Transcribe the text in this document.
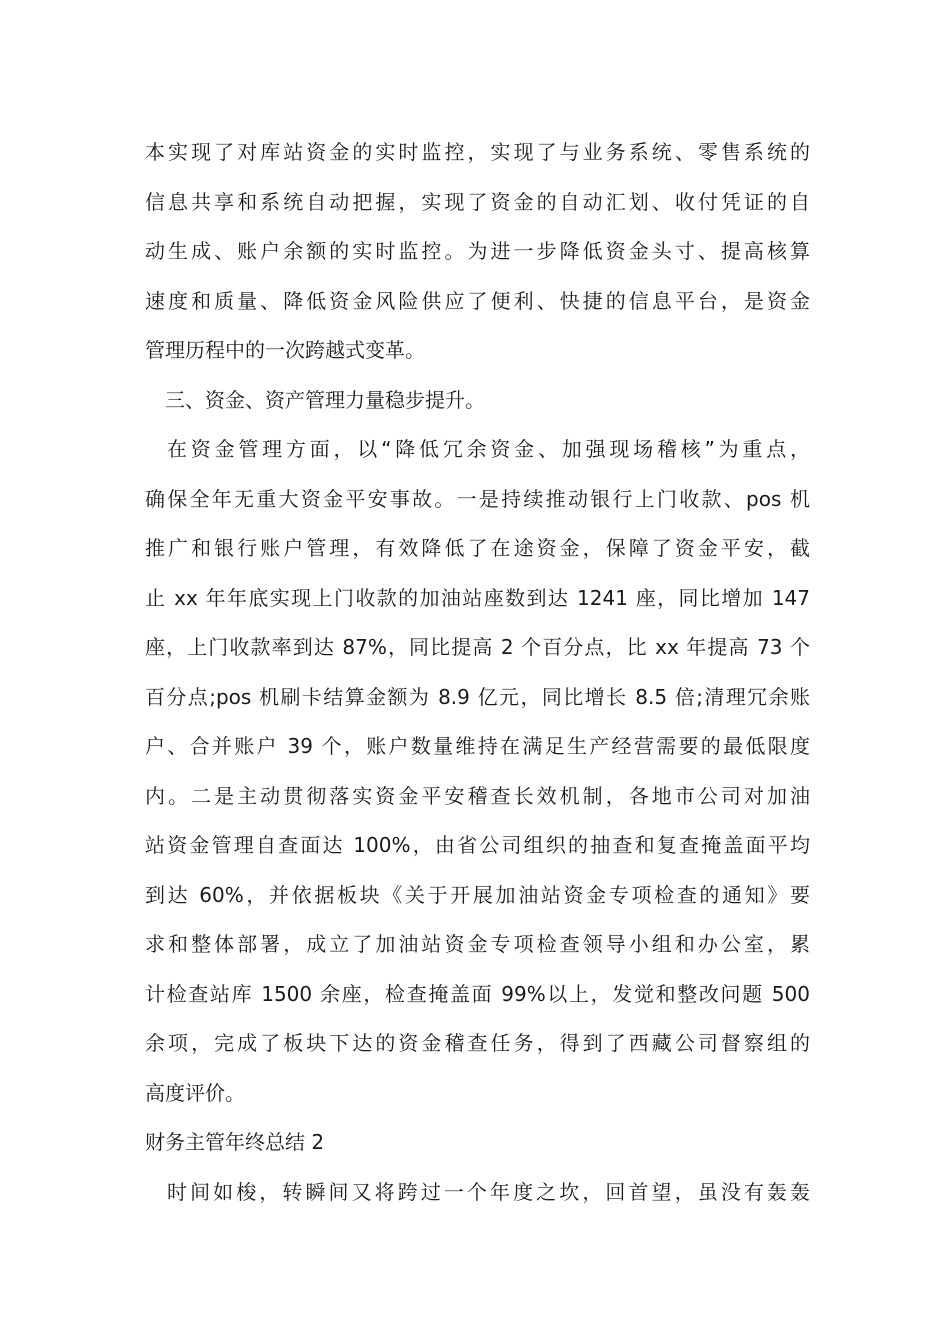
本实现了对库站资金的实时监控，实现了与业务系统、零售系统的
信息共享和系统自动把握，实现了资金的自动汇划、收付凭证的自
动生成、账户余额的实时监控。为进一步降低资金头寸、提高核算
速度和质量、降低资金风险供应了便利、快捷的信息平台，是资金
管理历程中的一次跨越式变革。
三、资金、资产管理力量稳步提升。
在资金管理方面，以“降低冗余资金、加强现场稽核”为重点，
确保全年无重大资金平安事故。一是持续推动银行上门收款、pos 机
推广和银行账户管理，有效降低了在途资金，保障了资金平安，截
止 xx 年年底实现上门收款的加油站座数到达 1241 座，同比增加 147
座，上门收款率到达 87%，同比提高 2 个百分点，比 xx 年提高 73 个
百分点;pos 机刷卡结算金额为 8.9 亿元，同比增长 8.5 倍;清理冗余账
户、合并账户 39 个，账户数量维持在满足生产经营需要的最低限度
内。二是主动贯彻落实资金平安稽查长效机制，各地市公司对加油
站资金管理自查面达 100%，由省公司组织的抽查和复查掩盖面平均
到达 60%，并依据板块《关于开展加油站资金专项检查的通知》要
求和整体部署，成立了加油站资金专项检查领导小组和办公室，累
计检查站库 1500 余座，检查掩盖面 99%以上，发觉和整改问题 500
余项，完成了板块下达的资金稽查任务，得到了西藏公司督察组的
高度评价。
财务主管年终总结 2
时间如梭，转瞬间又将跨过一个年度之坎，回首望，虽没有轰轰
